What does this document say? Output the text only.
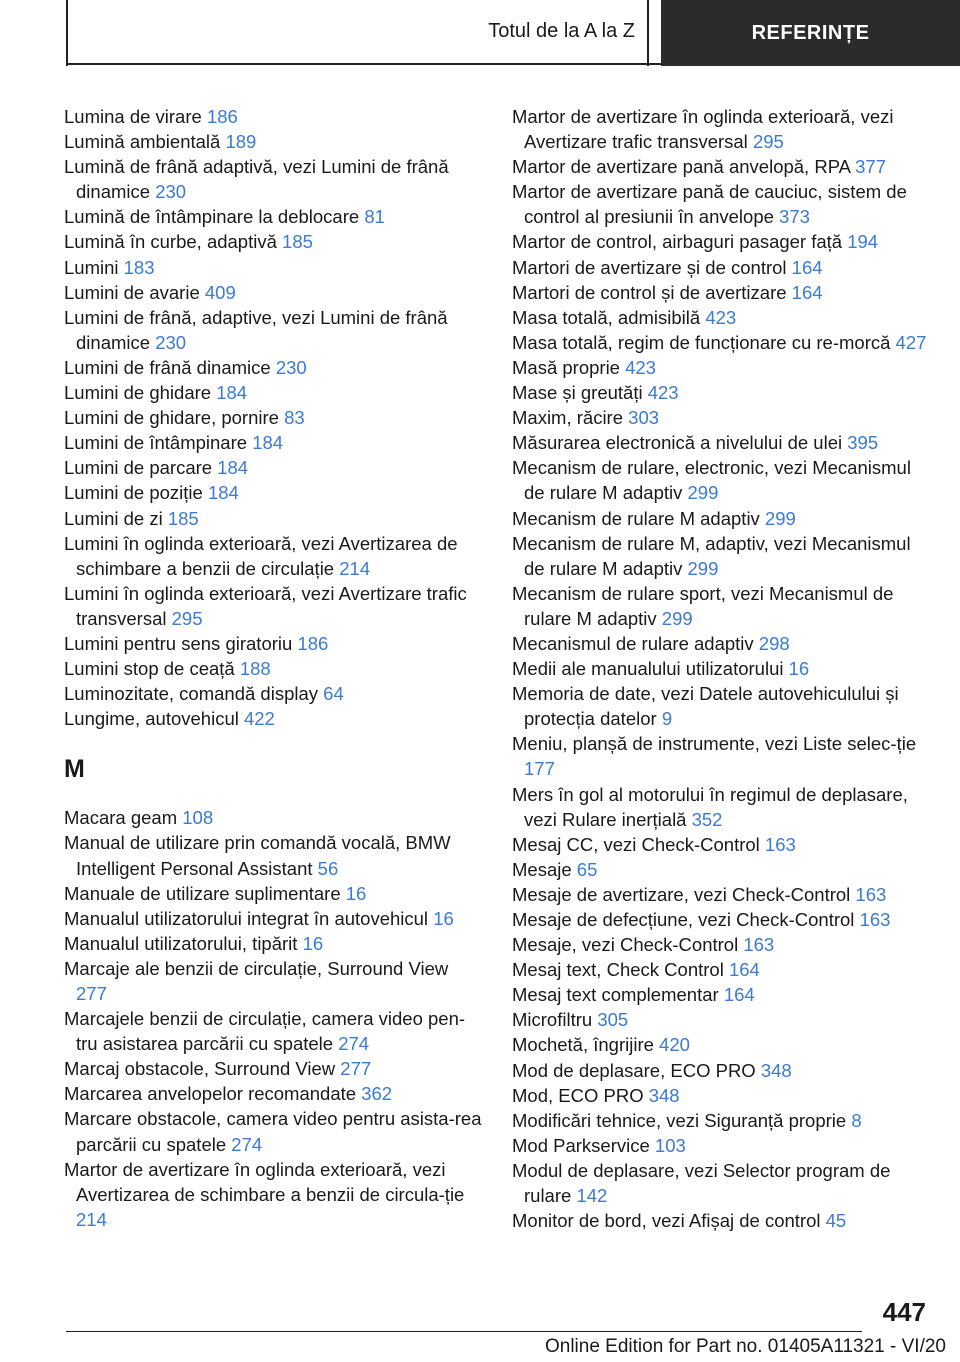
Totul de la A la Z	REFERINȚE
Lumina de virare 186
Lumină ambientală 189
Lumină de frână adaptivă, vezi Lumini de frână dinamice 230
Lumină de întâmpinare la deblocare 81
Lumină în curbe, adaptivă 185
Lumini 183
Lumini de avarie 409
Lumini de frână, adaptive, vezi Lumini de frână dinamice 230
Lumini de frână dinamice 230
Lumini de ghidare 184
Lumini de ghidare, pornire 83
Lumini de întâmpinare 184
Lumini de parcare 184
Lumini de poziție 184
Lumini de zi 185
Lumini în oglinda exterioară, vezi Avertizarea de schimbare a benzii de circulație 214
Lumini în oglinda exterioară, vezi Avertizare trafic transversal 295
Lumini pentru sens giratoriu 186
Lumini stop de ceață 188
Luminozitate, comandă display 64
Lungime, autovehicul 422
M
Macara geam 108
Manual de utilizare prin comandă vocală, BMW Intelligent Personal Assistant 56
Manuale de utilizare suplimentare 16
Manualul utilizatorului integrat în autovehicul 16
Manualul utilizatorului, tipărit 16
Marcaje ale benzii de circulație, Surround View 277
Marcajele benzii de circulație, camera video pen-tru asistarea parcării cu spatele 274
Marcaj obstacole, Surround View 277
Marcarea anvelopelor recomandate 362
Marcare obstacole, camera video pentru asista-rea parcării cu spatele 274
Martor de avertizare în oglinda exterioară, vezi Avertizarea de schimbare a benzii de circula-ție 214
Martor de avertizare în oglinda exterioară, vezi Avertizare trafic transversal 295
Martor de avertizare pană anvelopă, RPA 377
Martor de avertizare pană de cauciuc, sistem de control al presiunii în anvelope 373
Martor de control, airbaguri pasager față 194
Martori de avertizare și de control 164
Martori de control și de avertizare 164
Masa totală, admisibilă 423
Masa totală, regim de funcționare cu re-morcă 427
Masă proprie 423
Mase și greutăți 423
Maxim, răcire 303
Măsurarea electronică a nivelului de ulei 395
Mecanism de rulare, electronic, vezi Mecanismul de rulare M adaptiv 299
Mecanism de rulare M adaptiv 299
Mecanism de rulare M, adaptiv, vezi Mecanismul de rulare M adaptiv 299
Mecanism de rulare sport, vezi Mecanismul de rulare M adaptiv 299
Mecanismul de rulare adaptiv 298
Medii ale manualului utilizatorului 16
Memoria de date, vezi Datele autovehiculului și protecția datelor 9
Meniu, planșă de instrumente, vezi Liste selec-ție 177
Mers în gol al motorului în regimul de deplasare, vezi Rulare inerțială 352
Mesaj CC, vezi Check-Control 163
Mesaje 65
Mesaje de avertizare, vezi Check-Control 163
Mesaje de defecțiune, vezi Check-Control 163
Mesaje, vezi Check-Control 163
Mesaj text, Check Control 164
Mesaj text complementar 164
Microfiltru 305
Mochetă, îngrijire 420
Mod de deplasare, ECO PRO 348
Mod, ECO PRO 348
Modificări tehnice, vezi Siguranță proprie 8
Mod Parkservice 103
Modul de deplasare, vezi Selector program de rulare 142
Monitor de bord, vezi Afișaj de control 45
447
Online Edition for Part no. 01405A11321 - VI/20
